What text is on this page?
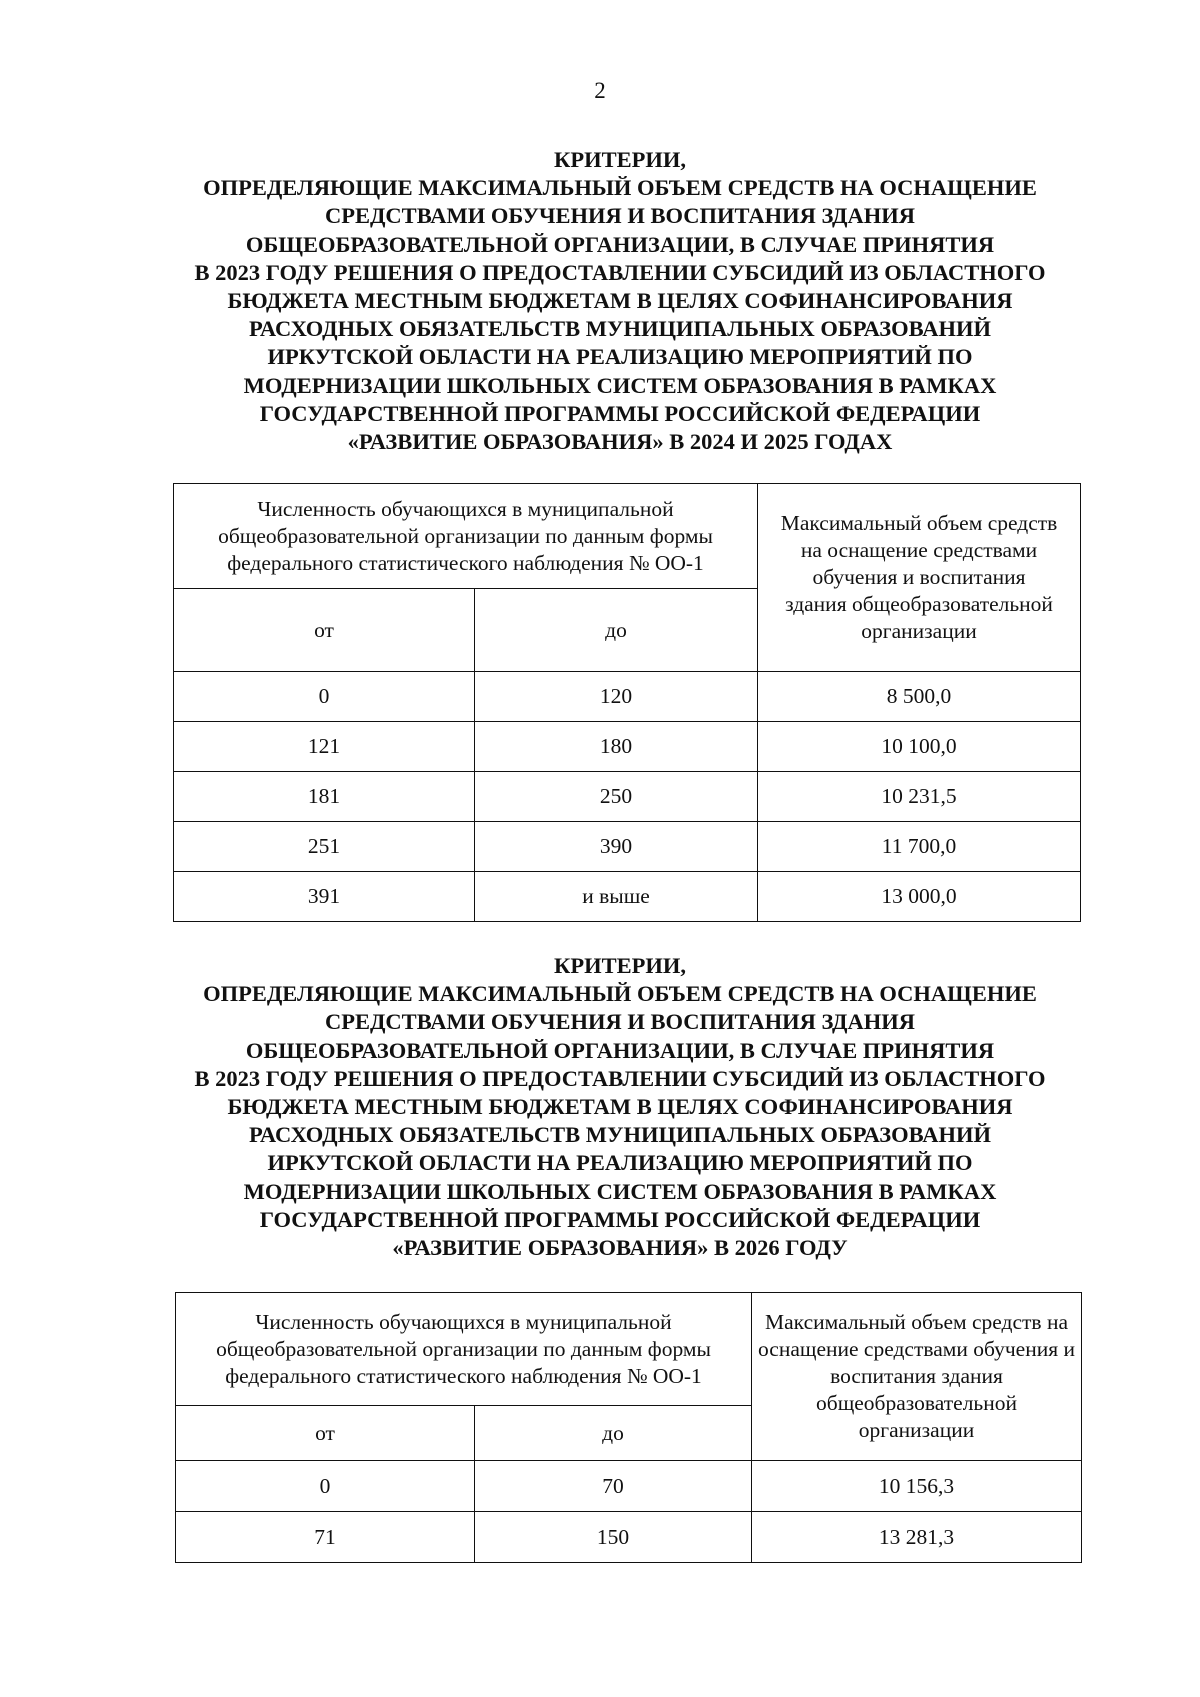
2
КРИТЕРИИ,
ОПРЕДЕЛЯЮЩИЕ МАКСИМАЛЬНЫЙ ОБЪЕМ СРЕДСТВ НА ОСНАЩЕНИЕ
СРЕДСТВАМИ ОБУЧЕНИЯ И ВОСПИТАНИЯ ЗДАНИЯ
ОБЩЕОБРАЗОВАТЕЛЬНОЙ ОРГАНИЗАЦИИ, В СЛУЧАЕ ПРИНЯТИЯ
В 2023 ГОДУ РЕШЕНИЯ О ПРЕДОСТАВЛЕНИИ СУБСИДИЙ ИЗ ОБЛАСТНОГО
БЮДЖЕТА МЕСТНЫМ БЮДЖЕТАМ В ЦЕЛЯХ СОФИНАНСИРОВАНИЯ
РАСХОДНЫХ ОБЯЗАТЕЛЬСТВ МУНИЦИПАЛЬНЫХ ОБРАЗОВАНИЙ
ИРКУТСКОЙ ОБЛАСТИ НА РЕАЛИЗАЦИЮ МЕРОПРИЯТИЙ ПО
МОДЕРНИЗАЦИИ ШКОЛЬНЫХ СИСТЕМ ОБРАЗОВАНИЯ В РАМКАХ
ГОСУДАРСТВЕННОЙ ПРОГРАММЫ РОССИЙСКОЙ ФЕДЕРАЦИИ
«РАЗВИТИЕ ОБРАЗОВАНИЯ» В 2024 И 2025 ГОДАХ
Численность обучающихся в муниципальной общеобразовательной организации по данным формы федерального статистического наблюдения № ОО-1		Максимальный объем средств на оснащение средствами обучения и воспитания здания общеобразовательной организации
от	до	
0	120	8 500,0
121	180	10 100,0
181	250	10 231,5
251	390	11 700,0
391	и выше	13 000,0
КРИТЕРИИ,
ОПРЕДЕЛЯЮЩИЕ МАКСИМАЛЬНЫЙ ОБЪЕМ СРЕДСТВ НА ОСНАЩЕНИЕ
СРЕДСТВАМИ ОБУЧЕНИЯ И ВОСПИТАНИЯ ЗДАНИЯ
ОБЩЕОБРАЗОВАТЕЛЬНОЙ ОРГАНИЗАЦИИ, В СЛУЧАЕ ПРИНЯТИЯ
В 2023 ГОДУ РЕШЕНИЯ О ПРЕДОСТАВЛЕНИИ СУБСИДИЙ ИЗ ОБЛАСТНОГО
БЮДЖЕТА МЕСТНЫМ БЮДЖЕТАМ В ЦЕЛЯХ СОФИНАНСИРОВАНИЯ
РАСХОДНЫХ ОБЯЗАТЕЛЬСТВ МУНИЦИПАЛЬНЫХ ОБРАЗОВАНИЙ
ИРКУТСКОЙ ОБЛАСТИ НА РЕАЛИЗАЦИЮ МЕРОПРИЯТИЙ ПО
МОДЕРНИЗАЦИИ ШКОЛЬНЫХ СИСТЕМ ОБРАЗОВАНИЯ В РАМКАХ
ГОСУДАРСТВЕННОЙ ПРОГРАММЫ РОССИЙСКОЙ ФЕДЕРАЦИИ
«РАЗВИТИЕ ОБРАЗОВАНИЯ» В 2026 ГОДУ
Численность обучающихся в муниципальной общеобразовательной организации по данным формы федерального статистического наблюдения № ОО-1		Максимальный объем средств на оснащение средствами обучения и воспитания здания общеобразовательной организации
от	до	
0	70	10 156,3
71	150	13 281,3
